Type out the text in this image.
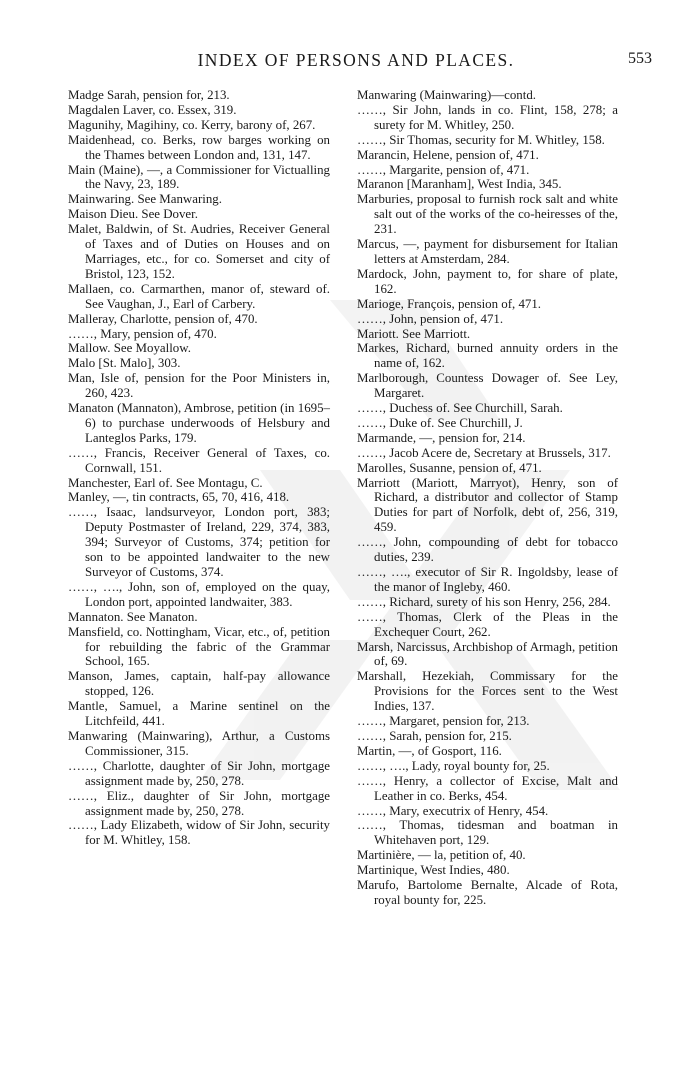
INDEX OF PERSONS AND PLACES.	553
Madge Sarah, pension for, 213.
Magdalen Laver, co. Essex, 319.
Magunihy, Magihiny, co. Kerry, barony of, 267.
Maidenhead, co. Berks, row barges working on the Thames between London and, 131, 147.
Main (Maine), —, a Commissioner for Victualling the Navy, 23, 189.
Mainwaring. See Manwaring.
Maison Dieu. See Dover.
Malet, Baldwin, of St. Audries, Receiver General of Taxes and of Duties on Houses and on Marriages, etc., for co. Somerset and city of Bristol, 123, 152.
Mallaen, co. Carmarthen, manor of, steward of. See Vaughan, J., Earl of Carbery.
Malleray, Charlotte, pension of, 470.
……, Mary, pension of, 470.
Mallow. See Moyallow.
Malo [St. Malo], 303.
Man, Isle of, pension for the Poor Ministers in, 260, 423.
Manaton (Mannaton), Ambrose, petition (in 1695–6) to purchase underwoods of Helsbury and Lanteglos Parks, 179.
……, Francis, Receiver General of Taxes, co. Cornwall, 151.
Manchester, Earl of. See Montagu, C.
Manley, —, tin contracts, 65, 70, 416, 418.
……, Isaac, landsurveyor, London port, 383; Deputy Postmaster of Ireland, 229, 374, 383, 394; Surveyor of Customs, 374; petition for son to be appointed landwaiter to the new Surveyor of Customs, 374.
……, …., John, son of, employed on the quay, London port, appointed landwaiter, 383.
Mannaton. See Manaton.
Mansfield, co. Nottingham, Vicar, etc., of, petition for rebuilding the fabric of the Grammar School, 165.
Manson, James, captain, half-pay allowance stopped, 126.
Mantle, Samuel, a Marine sentinel on the Litchfeild, 441.
Manwaring (Mainwaring), Arthur, a Customs Commissioner, 315.
……, Charlotte, daughter of Sir John, mortgage assignment made by, 250, 278.
……, Eliz., daughter of Sir John, mortgage assignment made by, 250, 278.
……, Lady Elizabeth, widow of Sir John, security for M. Whitley, 158.
Manwaring (Mainwaring)—contd.
……, Sir John, lands in co. Flint, 158, 278; a surety for M. Whitley, 250.
……, Sir Thomas, security for M. Whitley, 158.
Marancin, Helene, pension of, 471.
……, Margarite, pension of, 471.
Maranon [Maranham], West India, 345.
Marburies, proposal to furnish rock salt and white salt out of the works of the co-heiresses of the, 231.
Marcus, —, payment for disbursement for Italian letters at Amsterdam, 284.
Mardock, John, payment to, for share of plate, 162.
Marioge, François, pension of, 471.
……, John, pension of, 471.
Mariott. See Marriott.
Markes, Richard, burned annuity orders in the name of, 162.
Marlborough, Countess Dowager of. See Ley, Margaret.
……, Duchess of. See Churchill, Sarah.
……, Duke of. See Churchill, J.
Marmande, —, pension for, 214.
……, Jacob Acere de, Secretary at Brussels, 317.
Marolles, Susanne, pension of, 471.
Marriott (Mariott, Marryot), Henry, son of Richard, a distributor and collector of Stamp Duties for part of Norfolk, debt of, 256, 319, 459.
……, John, compounding of debt for tobacco duties, 239.
……, …., executor of Sir R. Ingoldsby, lease of the manor of Ingleby, 460.
……, Richard, surety of his son Henry, 256, 284.
……, Thomas, Clerk of the Pleas in the Exchequer Court, 262.
Marsh, Narcissus, Archbishop of Armagh, petition of, 69.
Marshall, Hezekiah, Commissary for the Provisions for the Forces sent to the West Indies, 137.
……, Margaret, pension for, 213.
……, Sarah, pension for, 215.
Martin, —, of Gosport, 116.
……, …., Lady, royal bounty for, 25.
……, Henry, a collector of Excise, Malt and Leather in co. Berks, 454.
……, Mary, executrix of Henry, 454.
……, Thomas, tidesman and boatman in Whitehaven port, 129.
Martinière, — la, petition of, 40.
Martinique, West Indies, 480.
Marufo, Bartolome Bernalte, Alcade of Rota, royal bounty for, 225.
